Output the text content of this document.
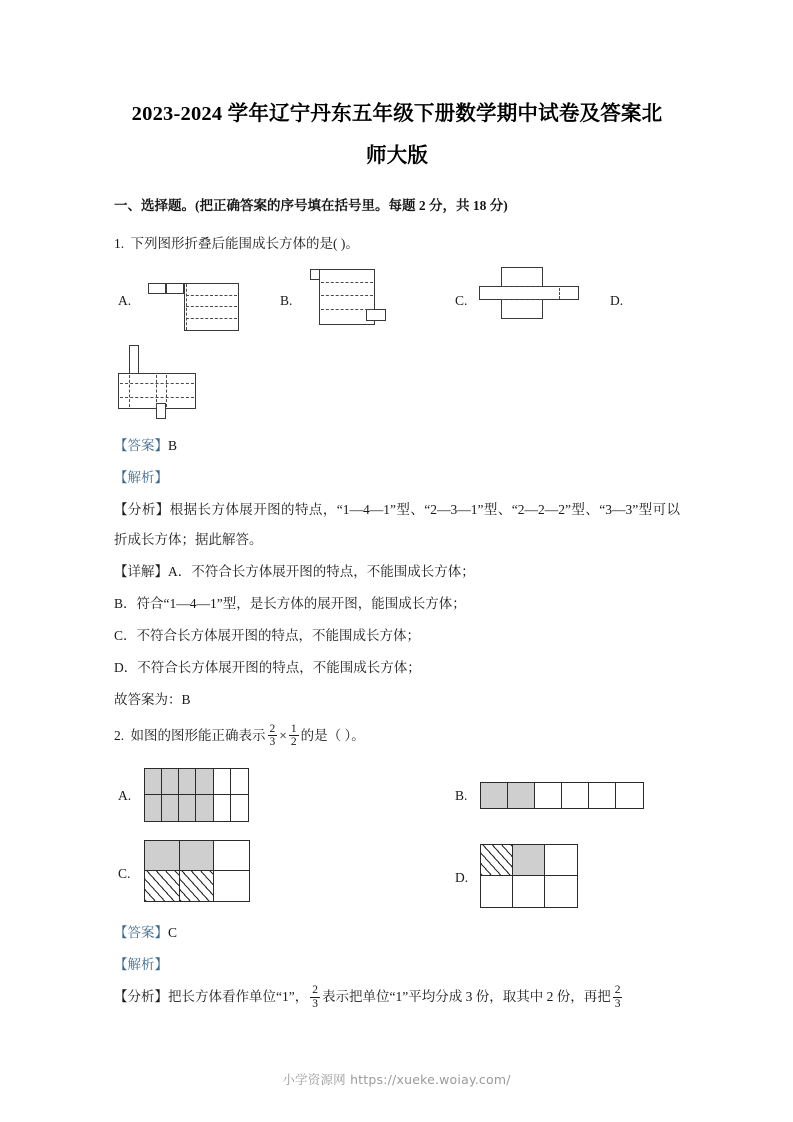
2023-2024 学年辽宁丹东五年级下册数学期中试卷及答案北
师大版
一、选择题。(把正确答案的序号填在括号里。每题 2 分，共 18 分)
1. 下列图形折叠后能围成长方体的是( )。
A.	B.	C.	D.
【答案】B
【解析】
【分析】根据长方体展开图的特点，“1—4—1”型、“2—3—1”型、“2—2—2”型、“3—3”型可以折成长方体；据此解答。
【详解】A．不符合长方体展开图的特点，不能围成长方体；
B．符合“1—4—1”型，是长方体的展开图，能围成长方体；
C．不符合长方体展开图的特点，不能围成长方体；
D．不符合长方体展开图的特点，不能围成长方体；
故答案为：B
2. 如图的图形能正确表示 $\frac{2}{3} \times \frac{1}{2}$ 的是（ ）。
A.	B.
C.	D.
【答案】C
【解析】
【分析】把长方体看作单位“1”， $\frac{2}{3}$ 表示把单位“1”平均分成 3 份，取其中 2 份，再把 $\frac{2}{3}$
小学资源网 https://xueke.woiay.com/
